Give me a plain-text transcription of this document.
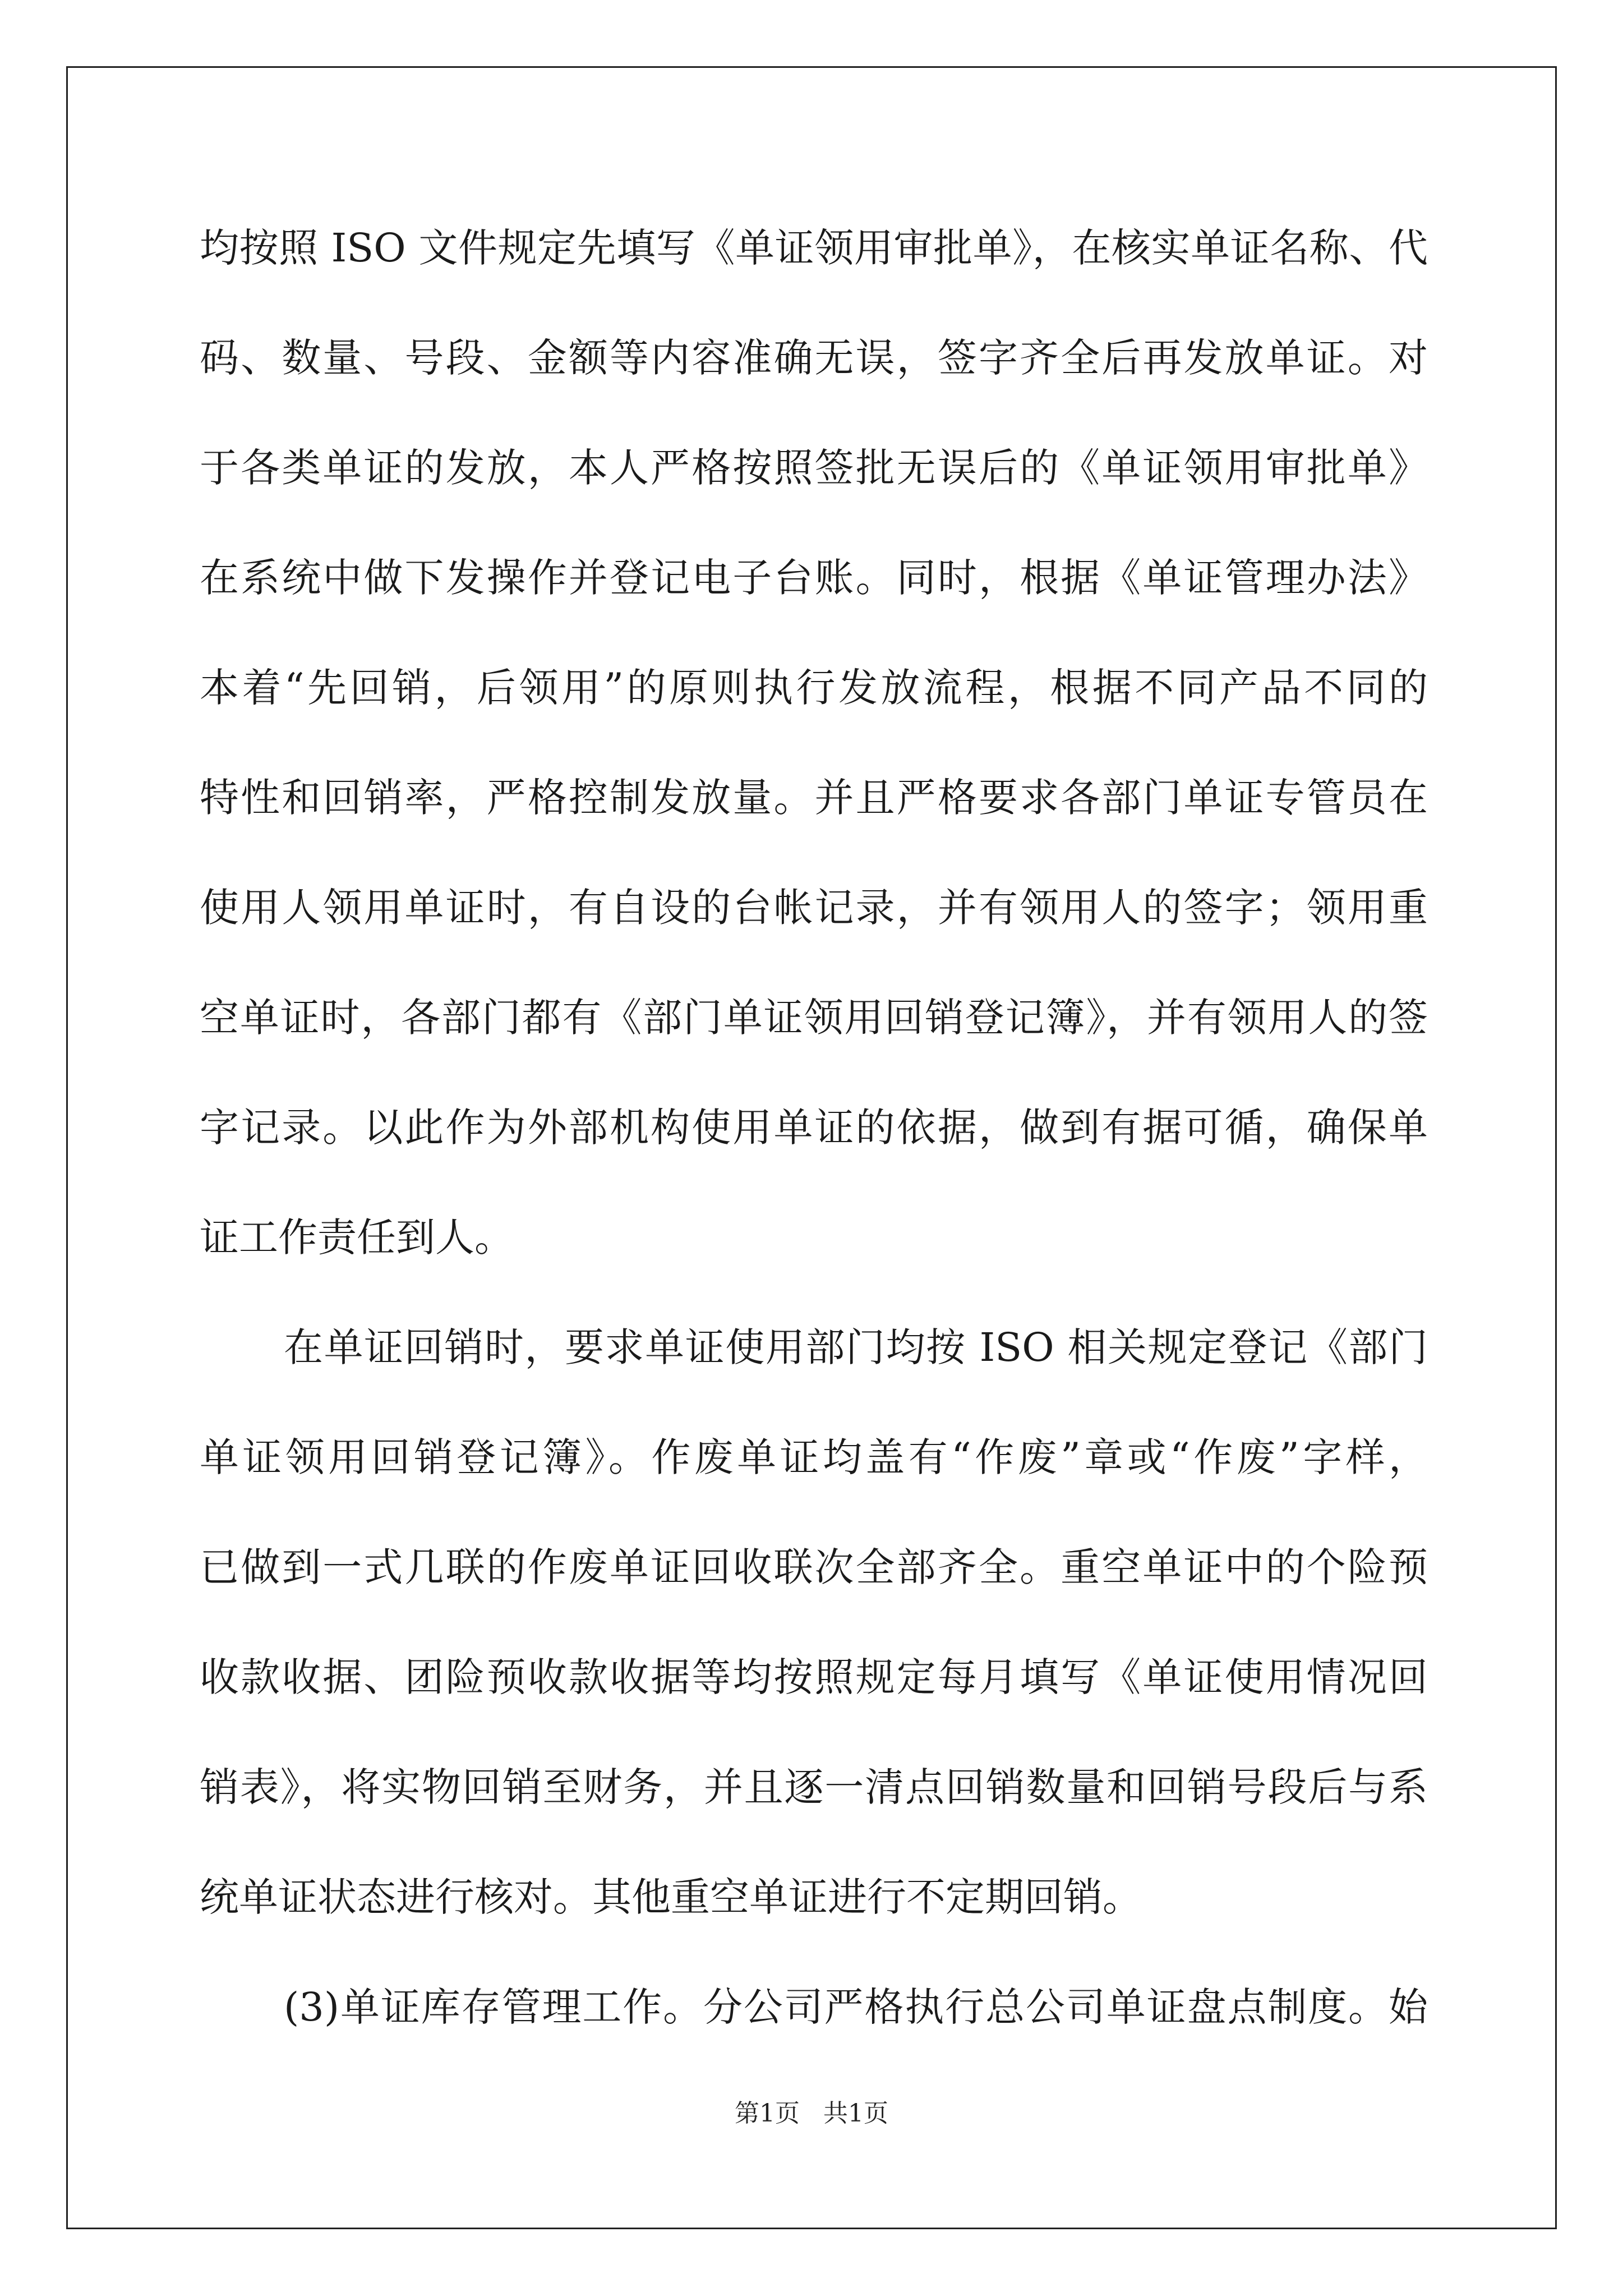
均按照 ISO 文件规定先填写《单证领用审批单》，在核实单证名称、代
码、数量、号段、金额等内容准确无误，签字齐全后再发放单证。对
于各类单证的发放，本人严格按照签批无误后的《单证领用审批单》
在系统中做下发操作并登记电子台账。同时，根据《单证管理办法》
本着“先回销，后领用”的原则执行发放流程，根据不同产品不同的
特性和回销率，严格控制发放量。并且严格要求各部门单证专管员在
使用人领用单证时，有自设的台帐记录，并有领用人的签字；领用重
空单证时，各部门都有《部门单证领用回销登记簿》，并有领用人的签
字记录。以此作为外部机构使用单证的依据，做到有据可循，确保单
证工作责任到人。
在单证回销时，要求单证使用部门均按 ISO 相关规定登记《部门
单证领用回销登记簿》。作废单证均盖有“作废”章或“作废”字样，
已做到一式几联的作废单证回收联次全部齐全。重空单证中的个险预
收款收据、团险预收款收据等均按照规定每月填写《单证使用情况回
销表》，将实物回销至财务，并且逐一清点回销数量和回销号段后与系
统单证状态进行核对。其他重空单证进行不定期回销。
(3)单证库存管理工作。分公司严格执行总公司单证盘点制度。始
第1页 共1页
